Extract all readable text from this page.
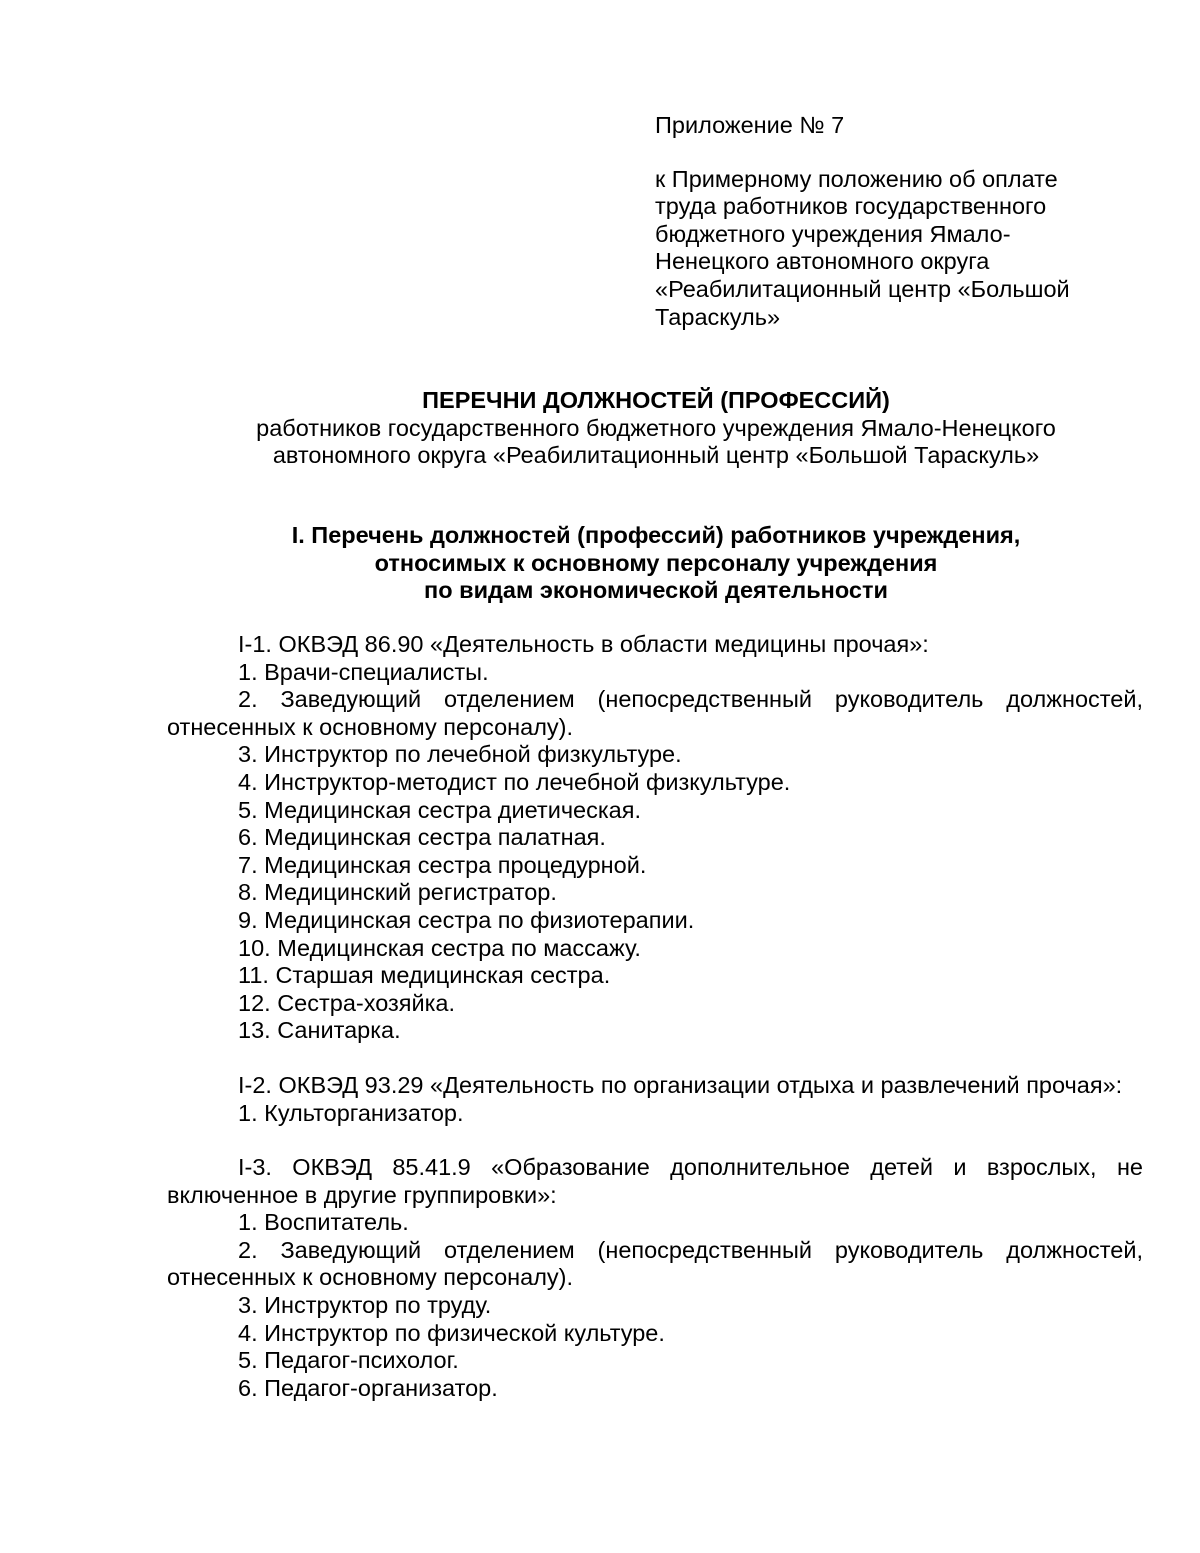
Приложение № 7

к Примерному положению об оплате

труда работников государственного

бюджетного учреждения Ямало-

Ненецкого автономного округа

«Реабилитационный центр «Большой

Тараскуль»

ПЕРЕЧНИ ДОЛЖНОСТЕЙ (ПРОФЕССИЙ)

работников государственного бюджетного учреждения Ямало-Ненецкого

автономного округа «Реабилитационный центр «Большой Тараскуль»

I. Перечень должностей (профессий) работников учреждения,

относимых к основному персоналу учреждения

по видам экономической деятельности

I-1. ОКВЭД 86.90 «Деятельность в области медицины прочая»:

1. Врачи-специалисты.

2. Заведующий отделением (непосредственный руководитель должностей, отнесенных к основному персоналу).

3. Инструктор по лечебной физкультуре.

4. Инструктор-методист по лечебной физкультуре.

5. Медицинская сестра диетическая.

6. Медицинская сестра палатная.

7. Медицинская сестра процедурной.

8. Медицинский регистратор.

9. Медицинская сестра по физиотерапии.

10. Медицинская сестра по массажу.

11. Старшая медицинская сестра.

12. Сестра-хозяйка.

13. Санитарка.

I-2. ОКВЭД 93.29 «Деятельность по организации отдыха и развлечений прочая»:

1. Культорганизатор.

I-3. ОКВЭД 85.41.9 «Образование дополнительное детей и взрослых, не включенное в другие группировки»:

1. Воспитатель.

2. Заведующий отделением (непосредственный руководитель должностей, отнесенных к основному персоналу).

3. Инструктор по труду.

4. Инструктор по физической культуре.

5. Педагог-психолог.

6. Педагог-организатор.
